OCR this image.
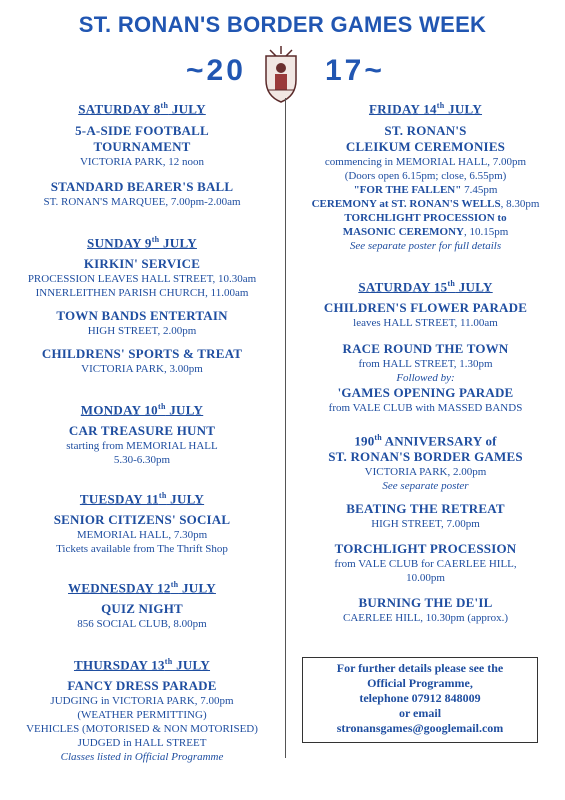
ST. RONAN'S BORDER GAMES WEEK
~20	17~

SATURDAY 8th JULY

5-A-SIDE FOOTBALL

TOURNAMENT

VICTORIA PARK, 12 noon

STANDARD BEARER'S BALL

ST. RONAN'S MARQUEE, 7.00pm-2.00am

SUNDAY 9th JULY

KIRKIN' SERVICE

PROCESSION LEAVES HALL STREET, 10.30am

INNERLEITHEN PARISH CHURCH, 11.00am

TOWN BANDS ENTERTAIN

HIGH STREET, 2.00pm

CHILDRENS' SPORTS & TREAT

VICTORIA PARK, 3.00pm

MONDAY 10th JULY

CAR TREASURE HUNT

starting from MEMORIAL HALL

5.30-6.30pm

TUESDAY 11th JULY

SENIOR CITIZENS' SOCIAL

MEMORIAL HALL, 7.30pm

Tickets available from The Thrift Shop

WEDNESDAY 12th JULY

QUIZ NIGHT

856 SOCIAL CLUB, 8.00pm

THURSDAY 13th JULY

FANCY DRESS PARADE

JUDGING in VICTORIA PARK, 7.00pm

(WEATHER PERMITTING)

VEHICLES (MOTORISED & NON MOTORISED)

JUDGED in HALL STREET

Classes listed in Official Programme

FRIDAY 14th JULY

ST. RONAN'S

CLEIKUM CEREMONIES

commencing in MEMORIAL HALL, 7.00pm

(Doors open 6.15pm; close, 6.55pm)

"FOR THE FALLEN" 7.45pm

CEREMONY at ST. RONAN'S WELLS, 8.30pm

TORCHLIGHT PROCESSION to

MASONIC CEREMONY, 10.15pm

See separate poster for full details

SATURDAY 15th JULY

CHILDREN'S FLOWER PARADE

leaves HALL STREET, 11.00am

RACE ROUND THE TOWN

from HALL STREET, 1.30pm

Followed by:

'GAMES OPENING PARADE

from VALE CLUB with MASSED BANDS

190th ANNIVERSARY of

ST. RONAN'S BORDER GAMES

VICTORIA PARK, 2.00pm

See separate poster

BEATING THE RETREAT

HIGH STREET, 7.00pm

TORCHLIGHT PROCESSION

from VALE CLUB for CAERLEE HILL,

10.00pm

BURNING THE DE'IL

CAERLEE HILL, 10.30pm (approx.)

For further details please see the

Official Programme,

telephone 07912 848009

or email

stronansgames@googlemail.com
